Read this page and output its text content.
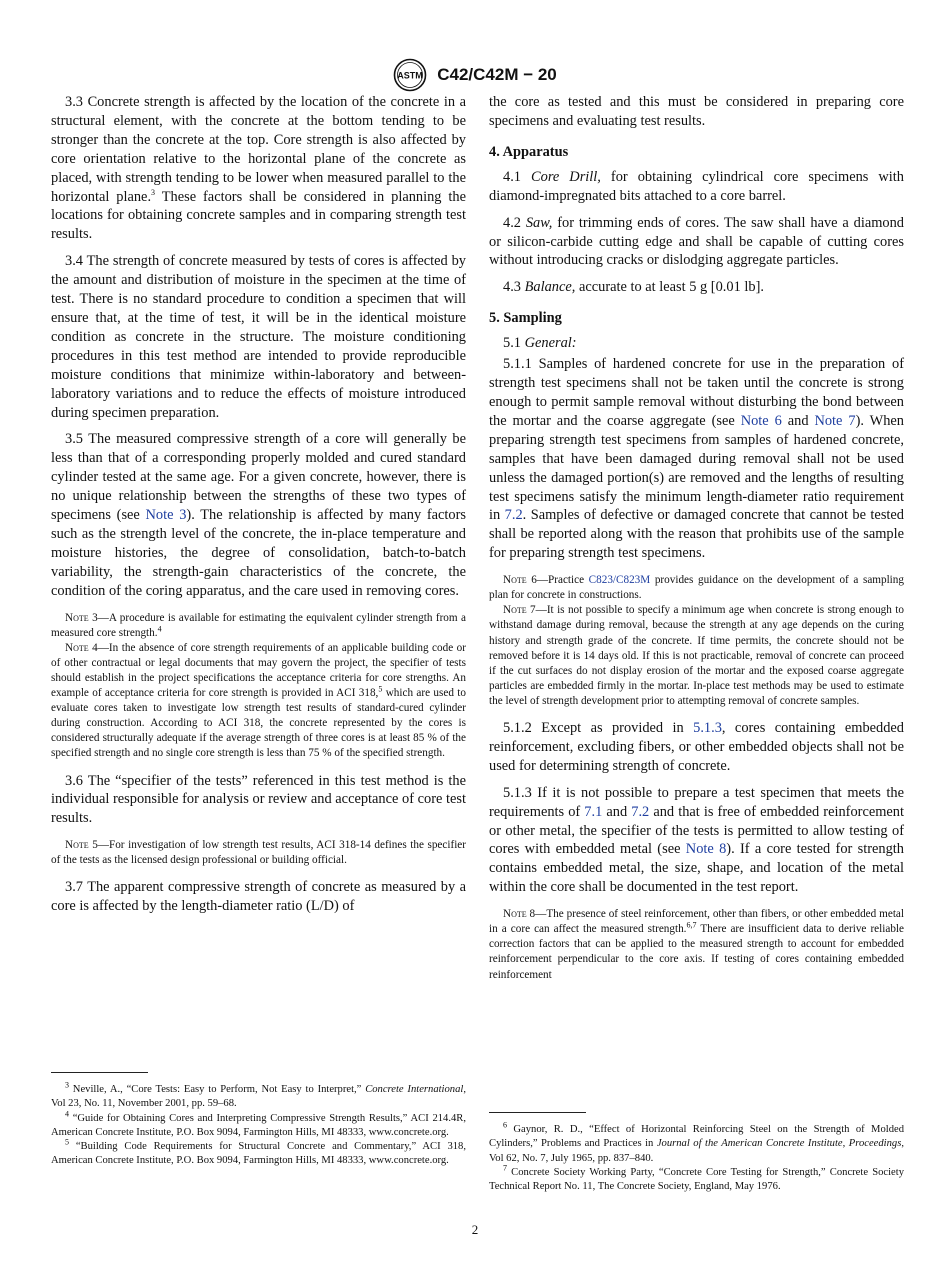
ASTM C42/C42M − 20

3.3 Concrete strength is affected by the location of the concrete in a structural element, with the concrete at the bottom tending to be stronger than the concrete at the top. Core strength is also affected by core orientation relative to the horizontal plane of the concrete as placed, with strength tending to be lower when measured parallel to the horizontal plane.$^3$ These factors shall be considered in planning the locations for obtaining concrete samples and in comparing strength test results.

3.4 The strength of concrete measured by tests of cores is affected by the amount and distribution of moisture in the specimen at the time of test. There is no standard procedure to condition a specimen that will ensure that, at the time of test, it will be in the identical moisture condition as concrete in the structure. The moisture conditioning procedures in this test method are intended to provide reproducible moisture conditions that minimize within-laboratory and between-laboratory variations and to reduce the effects of moisture introduced during specimen preparation.

3.5 The measured compressive strength of a core will generally be less than that of a corresponding properly molded and cured standard cylinder tested at the same age. For a given concrete, however, there is no unique relationship between the strengths of these two types of specimens (see Note 3). The relationship is affected by many factors such as the strength level of the concrete, the in-place temperature and moisture histories, the degree of consolidation, batch-to-batch variability, the strength-gain characteristics of the concrete, the condition of the coring apparatus, and the care used in removing cores.

Note 3—A procedure is available for estimating the equivalent cylinder strength from a measured core strength.$^4$

Note 4—In the absence of core strength requirements of an applicable building code or of other contractual or legal documents that may govern the project, the specifier of tests should establish in the project specifications the acceptance criteria for core strengths. An example of acceptance criteria for core strength is provided in ACI 318,$^5$ which are used to evaluate cores taken to investigate low strength test results of standard-cured cylinder during construction. According to ACI 318, the concrete represented by the cores is considered structurally adequate if the average strength of three cores is at least 85 % of the specified strength and no single core strength is less than 75 % of the specified strength.

3.6 The “specifier of the tests” referenced in this test method is the individual responsible for analysis or review and acceptance of core test results.

Note 5—For investigation of low strength test results, ACI 318-14 defines the specifier of the tests as the licensed design professional or building official.

3.7 The apparent compressive strength of concrete as measured by a core is affected by the length-diameter ratio (L/D) of

the core as tested and this must be considered in preparing core specimens and evaluating test results.

4. Apparatus

4.1 Core Drill, for obtaining cylindrical core specimens with diamond-impregnated bits attached to a core barrel.

4.2 Saw, for trimming ends of cores. The saw shall have a diamond or silicon-carbide cutting edge and shall be capable of cutting cores without introducing cracks or dislodging aggregate particles.

4.3 Balance, accurate to at least 5 g [0.01 lb].

5. Sampling

5.1 General:

5.1.1 Samples of hardened concrete for use in the preparation of strength test specimens shall not be taken until the concrete is strong enough to permit sample removal without disturbing the bond between the mortar and the coarse aggregate (see Note 6 and Note 7). When preparing strength test specimens from samples of hardened concrete, samples that have been damaged during removal shall not be used unless the damaged portion(s) are removed and the lengths of resulting test specimens satisfy the minimum length-diameter ratio requirement in 7.2. Samples of defective or damaged concrete that cannot be tested shall be reported along with the reason that prohibits use of the sample for preparing strength test specimens.

Note 6—Practice C823/C823M provides guidance on the development of a sampling plan for concrete in constructions.

Note 7—It is not possible to specify a minimum age when concrete is strong enough to withstand damage during removal, because the strength at any age depends on the curing history and strength grade of the concrete. If time permits, the concrete should not be removed before it is 14 days old. If this is not practicable, removal of concrete can proceed if the cut surfaces do not display erosion of the mortar and the exposed coarse aggregate particles are embedded firmly in the mortar. In-place test methods may be used to estimate the level of strength development prior to attempting removal of concrete samples.

5.1.2 Except as provided in 5.1.3, cores containing embedded reinforcement, excluding fibers, or other embedded objects shall not be used for determining strength of concrete.

5.1.3 If it is not possible to prepare a test specimen that meets the requirements of 7.1 and 7.2 and that is free of embedded reinforcement or other metal, the specifier of the tests is permitted to allow testing of cores with embedded metal (see Note 8). If a core tested for strength contains embedded metal, the size, shape, and location of the metal within the core shall be documented in the test report.

Note 8—The presence of steel reinforcement, other than fibers, or other embedded metal in a core can affect the measured strength.$^{6,7}$ There are insufficient data to derive reliable correction factors that can be applied to the measured strength to account for embedded reinforcement perpendicular to the core axis. If testing of cores containing embedded reinforcement

$^3$ Neville, A., “Core Tests: Easy to Perform, Not Easy to Interpret,” Concrete International, Vol 23, No. 11, November 2001, pp. 59–68.

$^4$ “Guide for Obtaining Cores and Interpreting Compressive Strength Results,” ACI 214.4R, American Concrete Institute, P.O. Box 9094, Farmington Hills, MI 48333, www.concrete.org.

$^5$ “Building Code Requirements for Structural Concrete and Commentary,” ACI 318, American Concrete Institute, P.O. Box 9094, Farmington Hills, MI 48333, www.concrete.org.

$^6$ Gaynor, R. D., “Effect of Horizontal Reinforcing Steel on the Strength of Molded Cylinders,” Problems and Practices in Journal of the American Concrete Institute, Proceedings, Vol 62, No. 7, July 1965, pp. 837–840.

$^7$ Concrete Society Working Party, “Concrete Core Testing for Strength,” Concrete Society Technical Report No. 11, The Concrete Society, England, May 1976.

2
